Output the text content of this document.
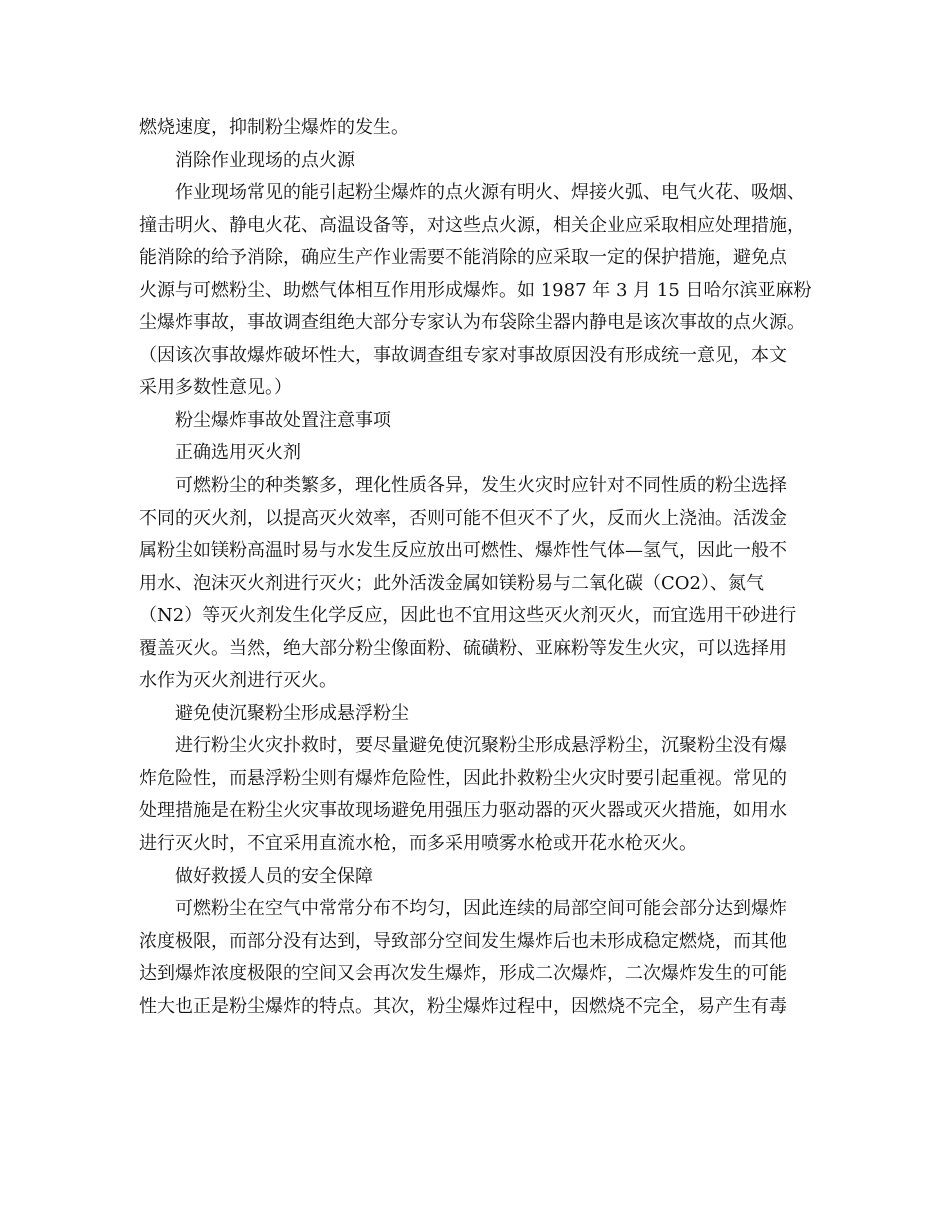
燃烧速度，抑制粉尘爆炸的发生。
消除作业现场的点火源
作业现场常见的能引起粉尘爆炸的点火源有明火、焊接火弧、电气火花、吸烟、
撞击明火、静电火花、高温设备等，对这些点火源，相关企业应采取相应处理措施，
能消除的给予消除，确应生产作业需要不能消除的应采取一定的保护措施，避免点
火源与可燃粉尘、助燃气体相互作用形成爆炸。如 1987 年 3 月 15 日哈尔滨亚麻粉
尘爆炸事故，事故调查组绝大部分专家认为布袋除尘器内静电是该次事故的点火源。
（因该次事故爆炸破坏性大，事故调查组专家对事故原因没有形成统一意见，本文
采用多数性意见。）
粉尘爆炸事故处置注意事项
正确选用灭火剂
可燃粉尘的种类繁多，理化性质各异，发生火灾时应针对不同性质的粉尘选择
不同的灭火剂，以提高灭火效率，否则可能不但灭不了火，反而火上浇油。活泼金
属粉尘如镁粉高温时易与水发生反应放出可燃性、爆炸性气体—氢气，因此一般不
用水、泡沫灭火剂进行灭火；此外活泼金属如镁粉易与二氧化碳（CO2）、氮气
（N2）等灭火剂发生化学反应，因此也不宜用这些灭火剂灭火，而宜选用干砂进行
覆盖灭火。当然，绝大部分粉尘像面粉、硫磺粉、亚麻粉等发生火灾，可以选择用
水作为灭火剂进行灭火。
避免使沉聚粉尘形成悬浮粉尘
进行粉尘火灾扑救时，要尽量避免使沉聚粉尘形成悬浮粉尘，沉聚粉尘没有爆
炸危险性，而悬浮粉尘则有爆炸危险性，因此扑救粉尘火灾时要引起重视。常见的
处理措施是在粉尘火灾事故现场避免用强压力驱动器的灭火器或灭火措施，如用水
进行灭火时，不宜采用直流水枪，而多采用喷雾水枪或开花水枪灭火。
做好救援人员的安全保障
可燃粉尘在空气中常常分布不均匀，因此连续的局部空间可能会部分达到爆炸
浓度极限，而部分没有达到，导致部分空间发生爆炸后也未形成稳定燃烧，而其他
达到爆炸浓度极限的空间又会再次发生爆炸，形成二次爆炸，二次爆炸发生的可能
性大也正是粉尘爆炸的特点。其次，粉尘爆炸过程中，因燃烧不完全，易产生有毒
